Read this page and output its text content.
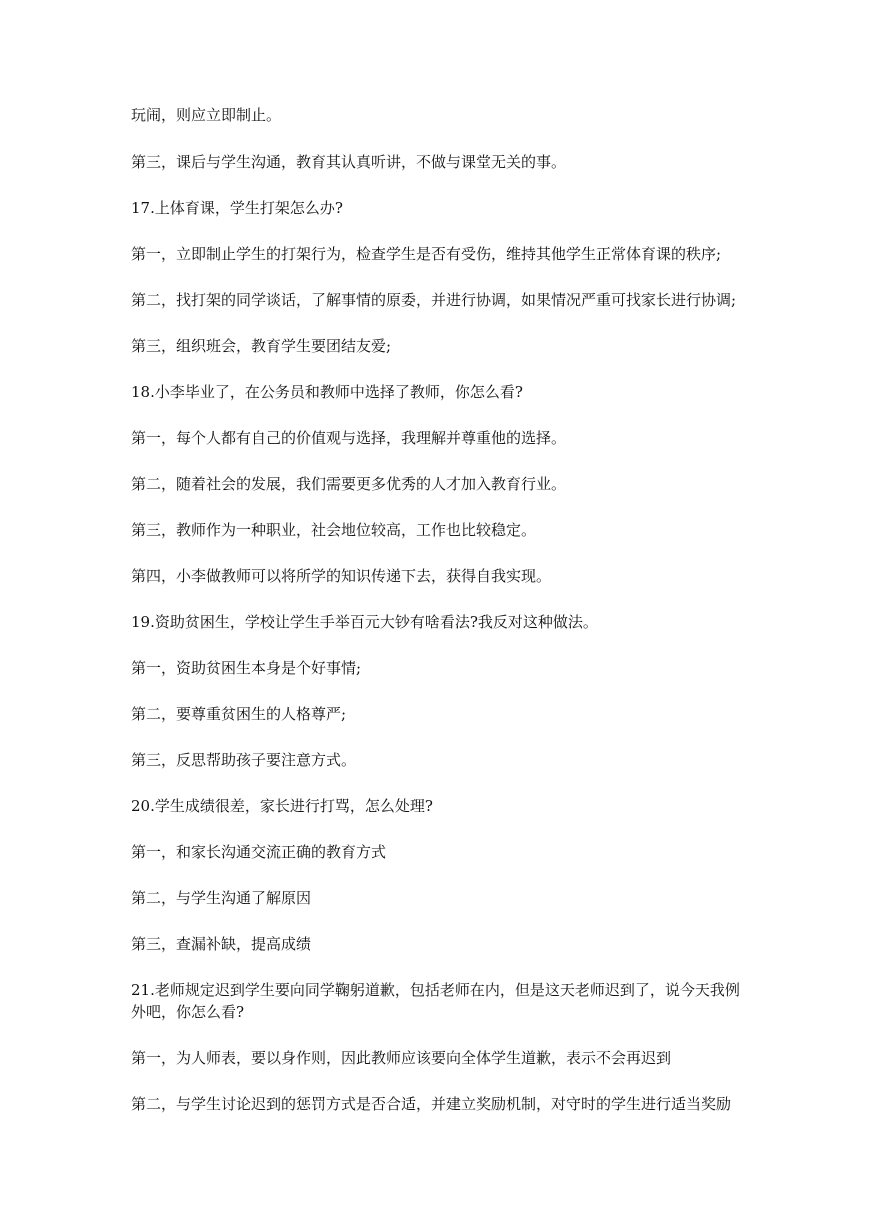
玩闹，则应立即制止。

第三，课后与学生沟通，教育其认真听讲，不做与课堂无关的事。

17.上体育课，学生打架怎么办?

第一，立即制止学生的打架行为，检查学生是否有受伤，维持其他学生正常体育课的秩序;

第二，找打架的同学谈话，了解事情的原委，并进行协调，如果情况严重可找家长进行协调;

第三，组织班会，教育学生要团结友爱;

18.小李毕业了，在公务员和教师中选择了教师，你怎么看?

第一，每个人都有自己的价值观与选择，我理解并尊重他的选择。

第二，随着社会的发展，我们需要更多优秀的人才加入教育行业。

第三，教师作为一种职业，社会地位较高，工作也比较稳定。

第四，小李做教师可以将所学的知识传递下去，获得自我实现。

19.资助贫困生，学校让学生手举百元大钞有啥看法?我反对这种做法。

第一，资助贫困生本身是个好事情;

第二，要尊重贫困生的人格尊严;

第三，反思帮助孩子要注意方式。

20.学生成绩很差，家长进行打骂，怎么处理?

第一，和家长沟通交流正确的教育方式

第二，与学生沟通了解原因

第三，查漏补缺，提高成绩

21.老师规定迟到学生要向同学鞠躬道歉，包括老师在内，但是这天老师迟到了，说今天我例外吧，你怎么看?

第一，为人师表，要以身作则，因此教师应该要向全体学生道歉，表示不会再迟到

第二，与学生讨论迟到的惩罚方式是否合适，并建立奖励机制，对守时的学生进行适当奖励
